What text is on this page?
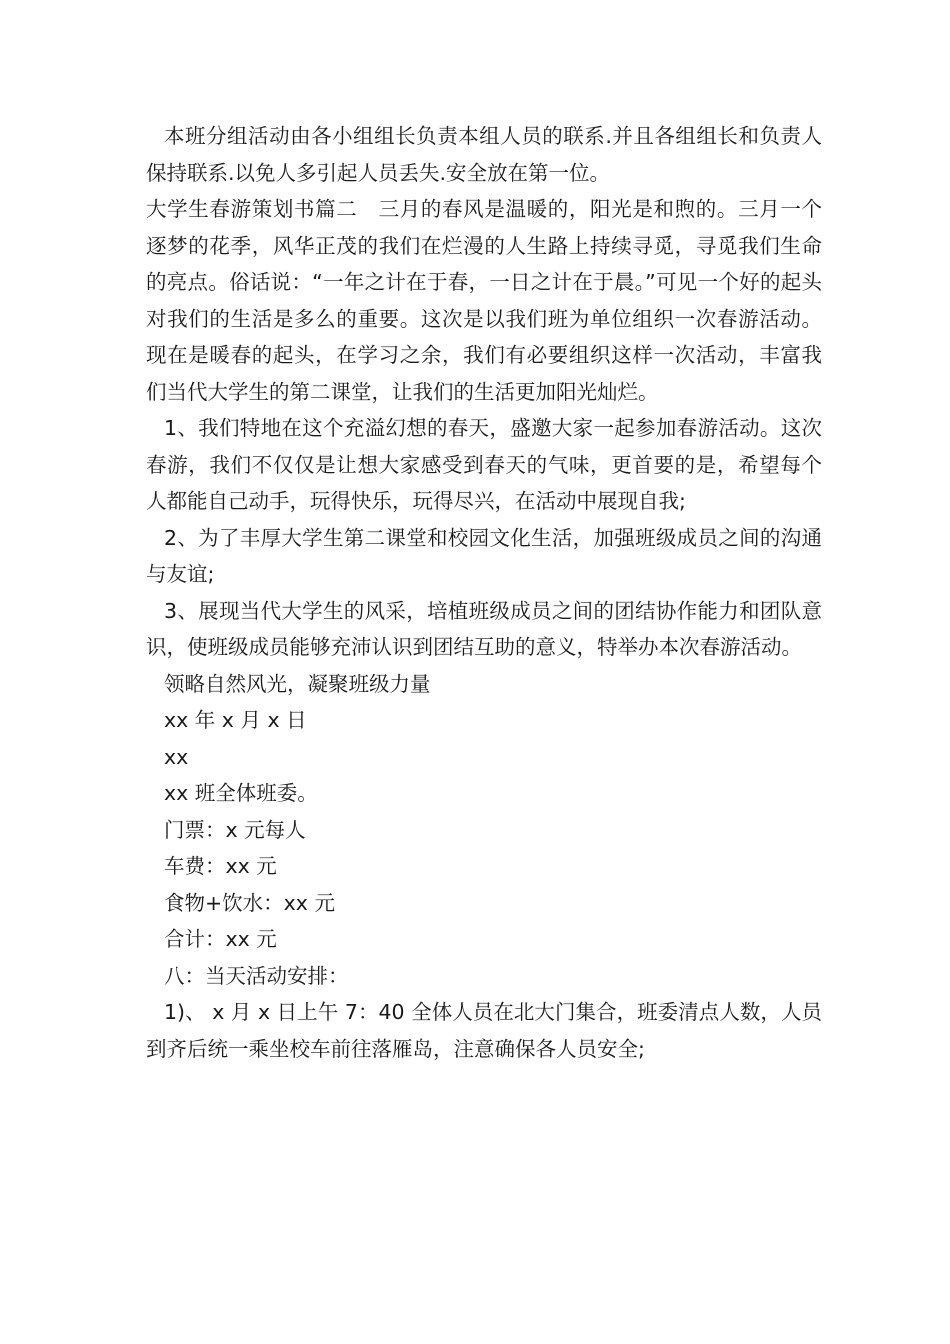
本班分组活动由各小组组长负责本组人员的联系.并且各组组长和负责人保持联系.以免人多引起人员丢失.安全放在第一位。

大学生春游策划书篇二　三月的春风是温暖的，阳光是和煦的。三月一个逐梦的花季，风华正茂的我们在烂漫的人生路上持续寻觅，寻觅我们生命的亮点。俗话说：“一年之计在于春，一日之计在于晨。”可见一个好的起头对我们的生活是多么的重要。这次是以我们班为单位组织一次春游活动。现在是暖春的起头，在学习之余，我们有必要组织这样一次活动，丰富我们当代大学生的第二课堂，让我们的生活更加阳光灿烂。

1、我们特地在这个充溢幻想的春天，盛邀大家一起参加春游活动。这次春游，我们不仅仅是让想大家感受到春天的气味，更首要的是，希望每个人都能自己动手，玩得快乐，玩得尽兴，在活动中展现自我;

2、为了丰厚大学生第二课堂和校园文化生活，加强班级成员之间的沟通与友谊;

3、展现当代大学生的风采，培植班级成员之间的团结协作能力和团队意识，使班级成员能够充沛认识到团结互助的意义，特举办本次春游活动。

领略自然风光，凝聚班级力量

xx 年 x 月 x 日

xx

xx 班全体班委。

门票：x 元每人

车费：xx 元

食物+饮水：xx 元

合计：xx 元

八：当天活动安排：

1)、 x 月 x 日上午 7：40 全体人员在北大门集合，班委清点人数，人员到齐后统一乘坐校车前往落雁岛，注意确保各人员安全;
